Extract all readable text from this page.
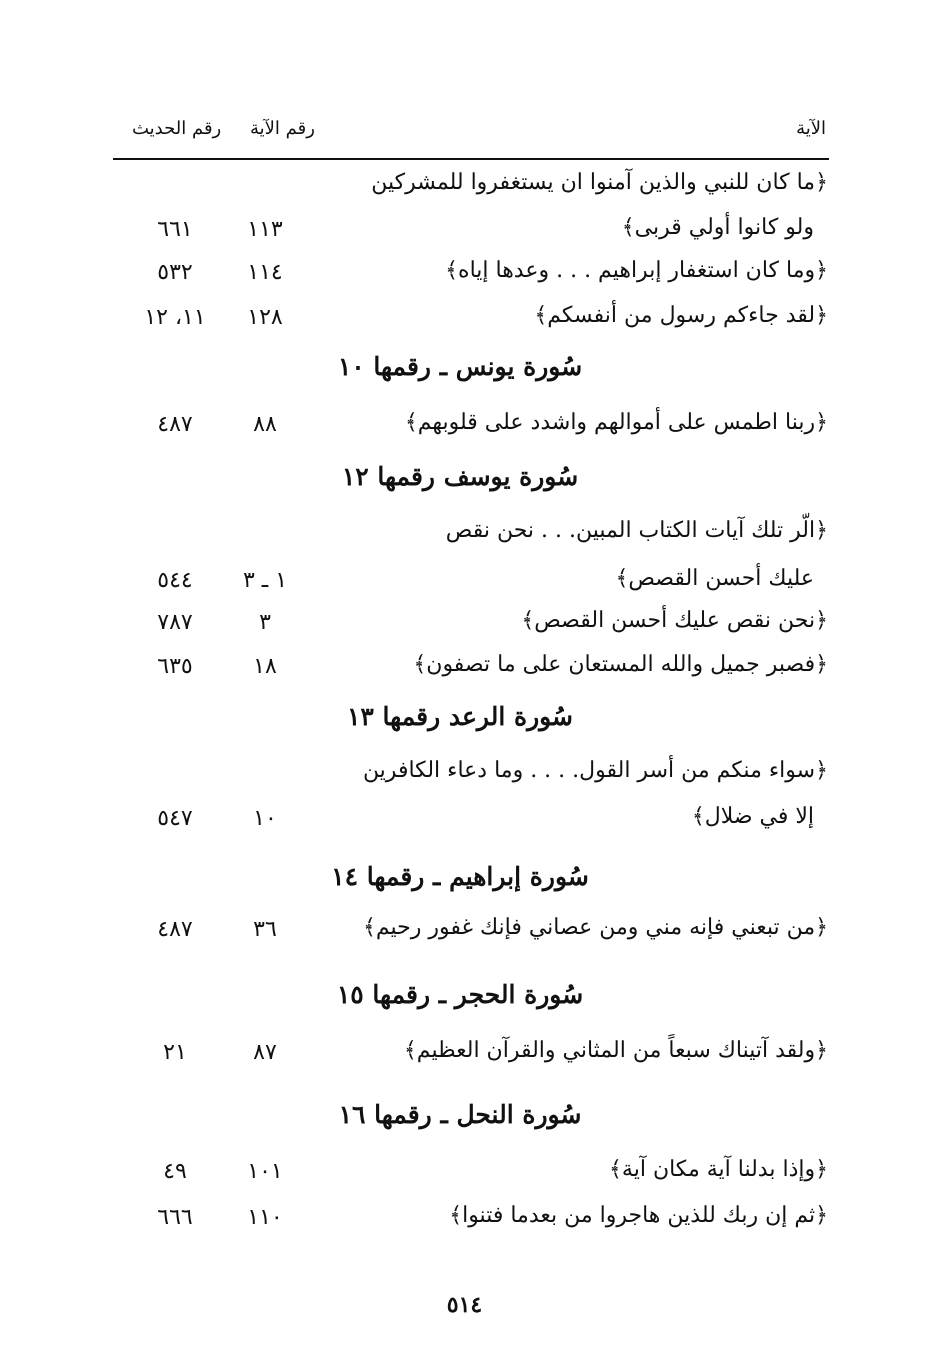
الآية
رقم الآية
رقم الحديث
﴿ما كان للنبي والذين آمنوا ان يستغفروا للمشركين
ولو كانوا أولي قربى﴾
١١٣
٦٦١
﴿وما كان استغفار إبراهيم . . . وعدها إياه﴾
١١٤
٥٣٢
﴿لقد جاءكم رسول من أنفسكم﴾
١٢٨
١١، ١٢
سُورة يونس ـ رقمها ١٠
﴿ربنا اطمس على أموالهم واشدد على قلوبهم﴾
٨٨
٤٨٧
سُورة يوسف رقمها ١٢
﴿الّر تلك آيات الكتاب المبين. . . نحن نقص
عليك أحسن القصص﴾
١ ـ ٣
٥٤٤
﴿نحن نقص عليك أحسن القصص﴾
٣
٧٨٧
﴿فصبر جميل والله المستعان على ما تصفون﴾
١٨
٦٣٥
سُورة الرعد رقمها ١٣
﴿سواء منكم من أسر القول. . . . وما دعاء الكافرين
إلا في ضلال﴾
١٠
٥٤٧
سُورة إبراهيم ـ رقمها ١٤
﴿من تبعني فإنه مني ومن عصاني فإنك غفور رحيم﴾
٣٦
٤٨٧
سُورة الحجر ـ رقمها ١٥
﴿ولقد آتيناك سبعاً من المثاني والقرآن العظيم﴾
٨٧
٢١
سُورة النحل ـ رقمها ١٦
﴿وإذا بدلنا آية مكان آية﴾
١٠١
٤٩
﴿ثم إن ربك للذين هاجروا من بعدما فتنوا﴾
١١٠
٦٦٦
٥١٤
